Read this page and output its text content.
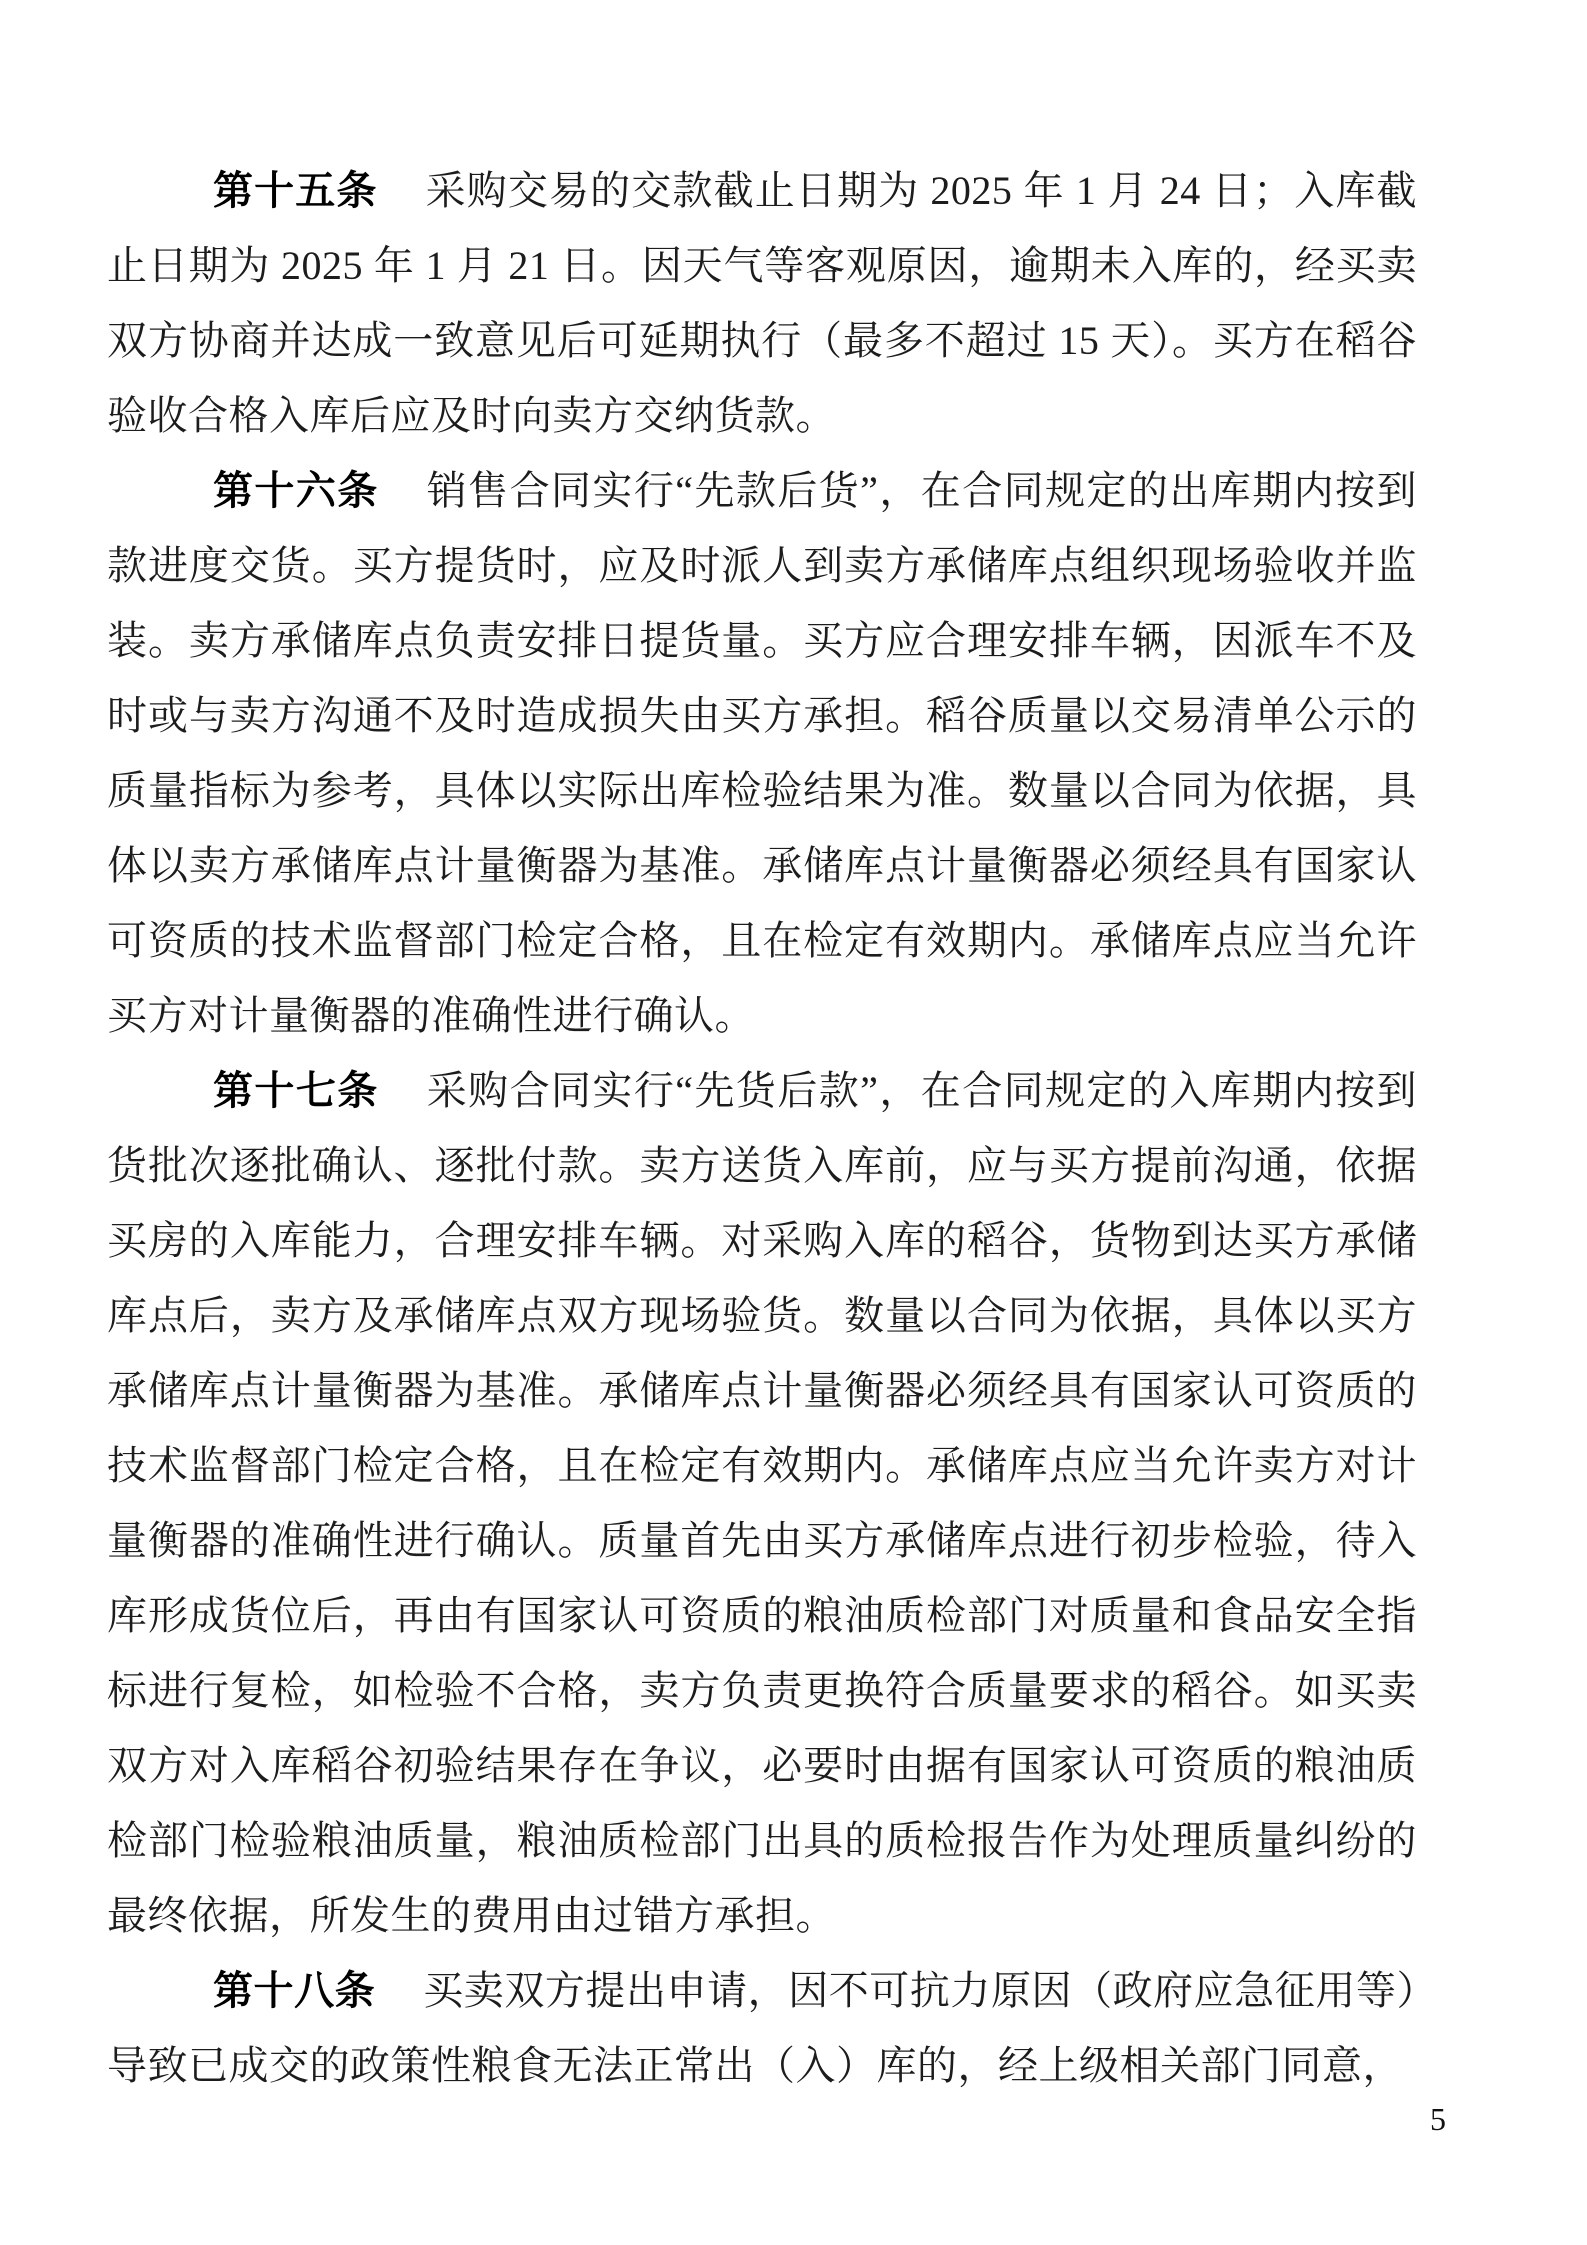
第十五条 采购交易的交款截止日期为 2025 年 1 月 24 日；入库截止日期为 2025 年 1 月 21 日。因天气等客观原因，逾期未入库的，经买卖双方协商并达成一致意见后可延期执行（最多不超过 15 天）。买方在稻谷验收合格入库后应及时向卖方交纳货款。

第十六条 销售合同实行“先款后货”，在合同规定的出库期内按到款进度交货。买方提货时，应及时派人到卖方承储库点组织现场验收并监装。卖方承储库点负责安排日提货量。买方应合理安排车辆，因派车不及时或与卖方沟通不及时造成损失由买方承担。稻谷质量以交易清单公示的质量指标为参考，具体以实际出库检验结果为准。数量以合同为依据，具体以卖方承储库点计量衡器为基准。承储库点计量衡器必须经具有国家认可资质的技术监督部门检定合格，且在检定有效期内。承储库点应当允许买方对计量衡器的准确性进行确认。

第十七条 采购合同实行“先货后款”，在合同规定的入库期内按到货批次逐批确认、逐批付款。卖方送货入库前，应与买方提前沟通，依据买房的入库能力，合理安排车辆。对采购入库的稻谷，货物到达买方承储库点后，卖方及承储库点双方现场验货。数量以合同为依据，具体以买方承储库点计量衡器为基准。承储库点计量衡器必须经具有国家认可资质的技术监督部门检定合格，且在检定有效期内。承储库点应当允许卖方对计量衡器的准确性进行确认。质量首先由买方承储库点进行初步检验，待入库形成货位后，再由有国家认可资质的粮油质检部门对质量和食品安全指标进行复检，如检验不合格，卖方负责更换符合质量要求的稻谷。如买卖双方对入库稻谷初验结果存在争议，必要时由据有国家认可资质的粮油质检部门检验粮油质量，粮油质检部门出具的质检报告作为处理质量纠纷的最终依据，所发生的费用由过错方承担。

第十八条 买卖双方提出申请，因不可抗力原因（政府应急征用等）导致已成交的政策性粮食无法正常出（入）库的，经上级相关部门同意，

5
